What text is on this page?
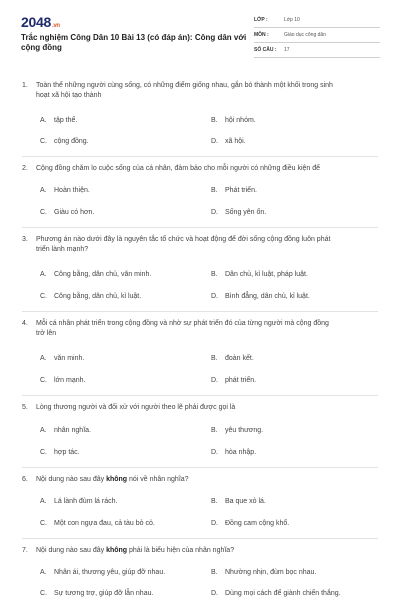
2048.vn
Trắc nghiệm Công Dân 10 Bài 13 (có đáp án): Công dân với cộng đồng
LỚP :	Lớp 10
MÔN :	Giáo dục công dân
SỐ CÂU : 17
1. Toàn thể những người cùng sống, có những điểm giống nhau, gắn bó thành một khối trong sinh
hoạt xã hội tạo thành
A. tập thể.	B. hội nhóm.
C. cộng đồng.	D. xã hội.
2. Cộng đồng chăm lo cuộc sống của cá nhân, đảm bảo cho mỗi người có những điều kiện để
A. Hoàn thiện.	B. Phát triển.
C. Giàu có hơn.	D. Sống yên ổn.
3. Phương án nào dưới đây là nguyên tắc tổ chức và hoạt động để đời sống cộng đồng luôn phát
triển lành mạnh?
A. Công bằng, dân chủ, văn minh.	B. Dân chủ, kỉ luật, pháp luật.
C. Công bằng, dân chủ, kỉ luật.	D. Bình đẳng, dân chủ, kỉ luật.
4. Mỗi cá nhân phát triển trong cộng đồng và nhờ sự phát triển đó của từng người mà cộng đồng
trở lên
A. văn minh.	B. đoàn kết.
C. lớn mạnh.	D. phát triển.
5. Lòng thương người và đối xử với người theo lẽ phải được gọi là
A. nhân nghĩa.	B. yêu thương.
C. hợp tác.	D. hòa nhập.
6. Nội dung nào sau đây không nói về nhân nghĩa?
A. Lá lành đùm lá rách.	B. Ba que xỏ lá.
C. Một con ngựa đau, cả tàu bỏ cỏ.	D. Đồng cam cộng khổ.
7. Nội dung nào sau đây không phải là biểu hiện của nhân nghĩa?
A. Nhân ái, thương yêu, giúp đỡ nhau.	B. Nhường nhịn, đùm bọc nhau.
C. Sự tương trợ, giúp đỡ lẫn nhau.	D. Dùng mọi cách để giành chiến thắng.
